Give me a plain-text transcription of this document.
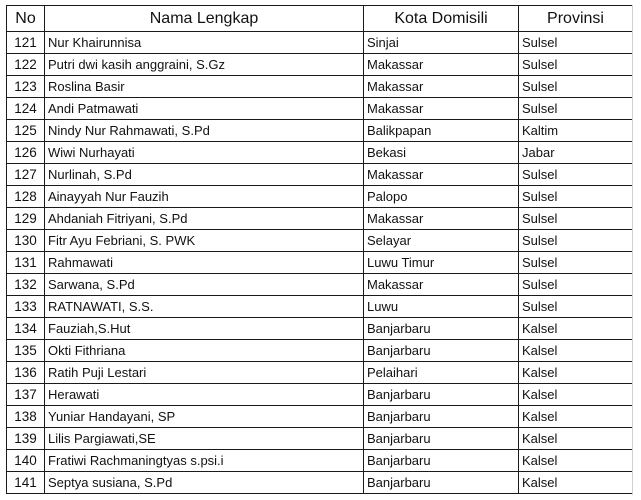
No	Nama Lengkap	Kota Domisili	Provinsi
121	Nur Khairunnisa	Sinjai	Sulsel
122	Putri dwi kasih anggraini, S.Gz	Makassar	Sulsel
123	Roslina Basir	Makassar	Sulsel
124	Andi Patmawati	Makassar	Sulsel
125	Nindy Nur Rahmawati, S.Pd	Balikpapan	Kaltim
126	Wiwi Nurhayati	Bekasi	Jabar
127	Nurlinah, S.Pd	Makassar	Sulsel
128	Ainayyah Nur Fauzih	Palopo	Sulsel
129	Ahdaniah Fitriyani, S.Pd	Makassar	Sulsel
130	Fitr Ayu Febriani, S. PWK	Selayar	Sulsel
131	Rahmawati	Luwu Timur	Sulsel
132	Sarwana, S.Pd	Makassar	Sulsel
133	RATNAWATI, S.S.	Luwu	Sulsel
134	Fauziah,S.Hut	Banjarbaru	Kalsel
135	Okti Fithriana	Banjarbaru	Kalsel
136	Ratih Puji Lestari	Pelaihari	Kalsel
137	Herawati	Banjarbaru	Kalsel
138	Yuniar Handayani, SP	Banjarbaru	Kalsel
139	Lilis Pargiawati,SE	Banjarbaru	Kalsel
140	Fratiwi Rachmaningtyas s.psi.i	Banjarbaru	Kalsel
141	Septya susiana, S.Pd	Banjarbaru	Kalsel
